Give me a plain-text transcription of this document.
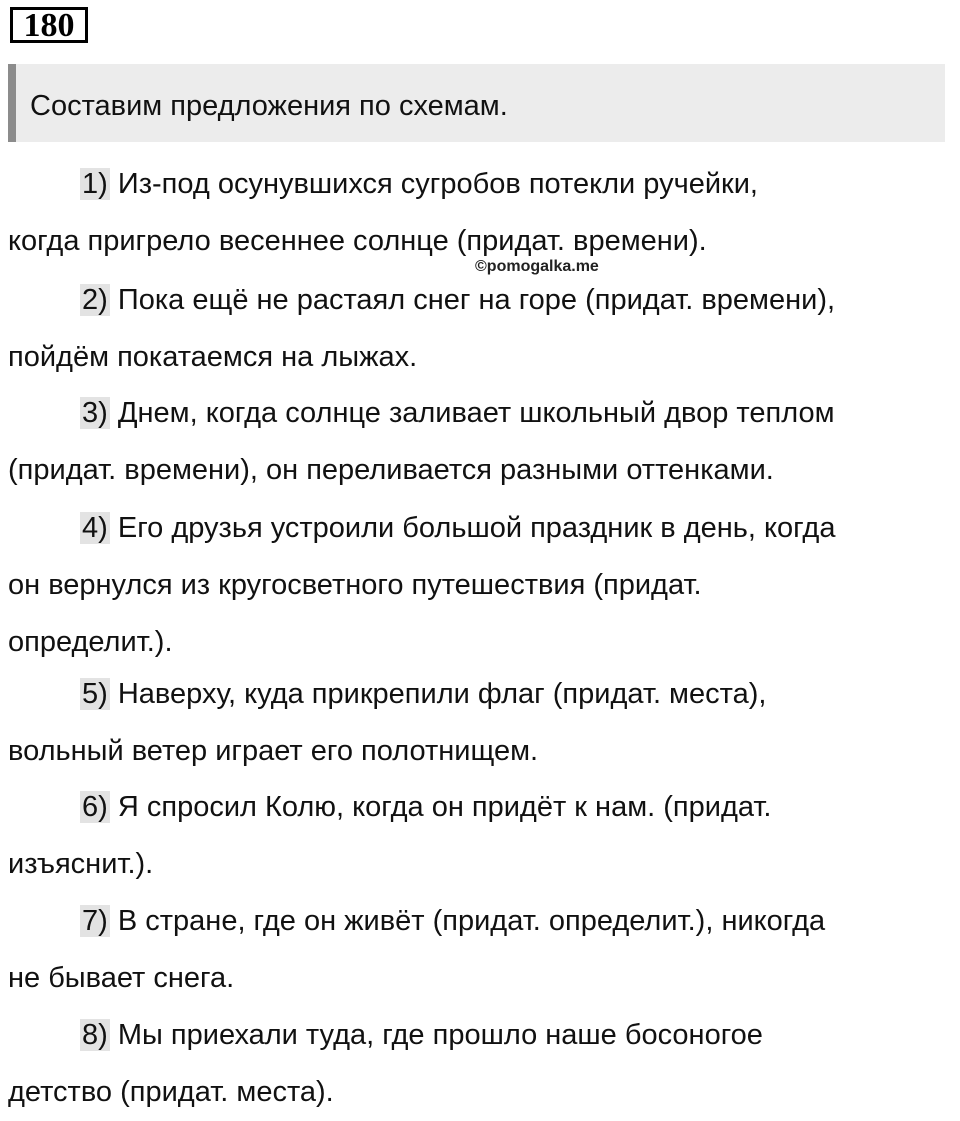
180
Составим предложения по схемам.
©pomogalka.me

1) Из-под осунувшихся сугробов потекли ручейки,
когда пригрело весеннее солнце (придат. времени).

2) Пока ещё не растаял снег на горе (придат. времени),
пойдём покатаемся на лыжах.

3) Днем, когда солнце заливает школьный двор теплом
(придат. времени), он переливается разными оттенками.

4) Его друзья устроили большой праздник в день, когда
он вернулся из кругосветного путешествия (придат.
определит.).

5) Наверху, куда прикрепили флаг (придат. места),
вольный ветер играет его полотнищем.

6) Я спросил Колю, когда он придёт к нам. (придат.
изъяснит.).

7) В стране, где он живёт (придат. определит.), никогда
не бывает снега.

8) Мы приехали туда, где прошло наше босоногое
детство (придат. места).
